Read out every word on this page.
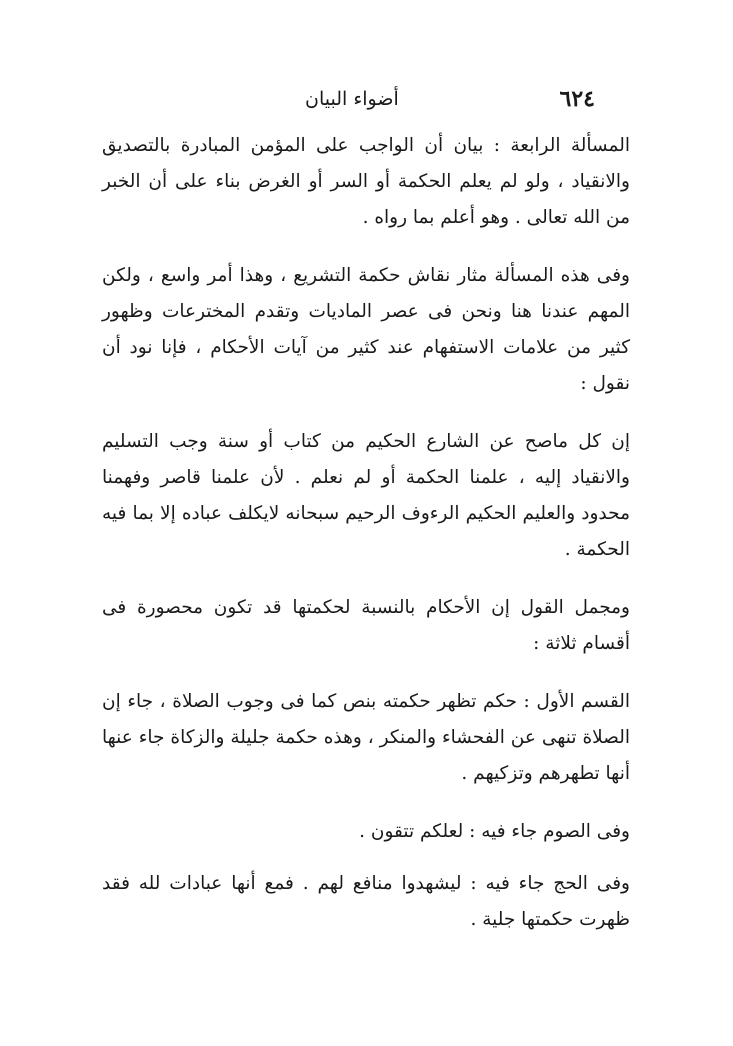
٦٢٤
أضواء البيان

المسألة الرابعة : بيان أن الواجب على المؤمن المبادرة بالتصديق والانقياد ، ولو لم يعلم الحكمة أو السر أو الغرض بناء على أن الخبر من الله تعالى . وهو أعلم بما رواه .

وفى هذه المسألة مثار نقاش حكمة التشريع ، وهذا أمر واسع ، ولكن المهم عندنا هنا ونحن فى عصر الماديات وتقدم المخترعات وظهور كثير من علامات الاستفهام عند كثير من آيات الأحكام ، فإنا نود أن نقول :

إن كل ماصح عن الشارع الحكيم من كتاب أو سنة وجب التسليم والانقياد إليه ، علمنا الحكمة أو لم نعلم . لأن علمنا قاصر وفهمنا محدود والعليم الحكيم الرءوف الرحيم سبحانه لايكلف عباده إلا بما فيه الحكمة .

ومجمل القول إن الأحكام بالنسبة لحكمتها قد تكون محصورة فى أقسام ثلاثة :

القسم الأول : حكم تظهر حكمته بنص كما فى وجوب الصلاة ، جاء إن الصلاة تنهى عن الفحشاء والمنكر ، وهذه حكمة جليلة والزكاة جاء عنها أنها تطهرهم وتزكيهم .

وفى الصوم جاء فيه : لعلكم تتقون .

وفى الحج جاء فيه : ليشهدوا منافع لهم . فمع أنها عبادات لله فقد ظهرت حكمتها جلية .
